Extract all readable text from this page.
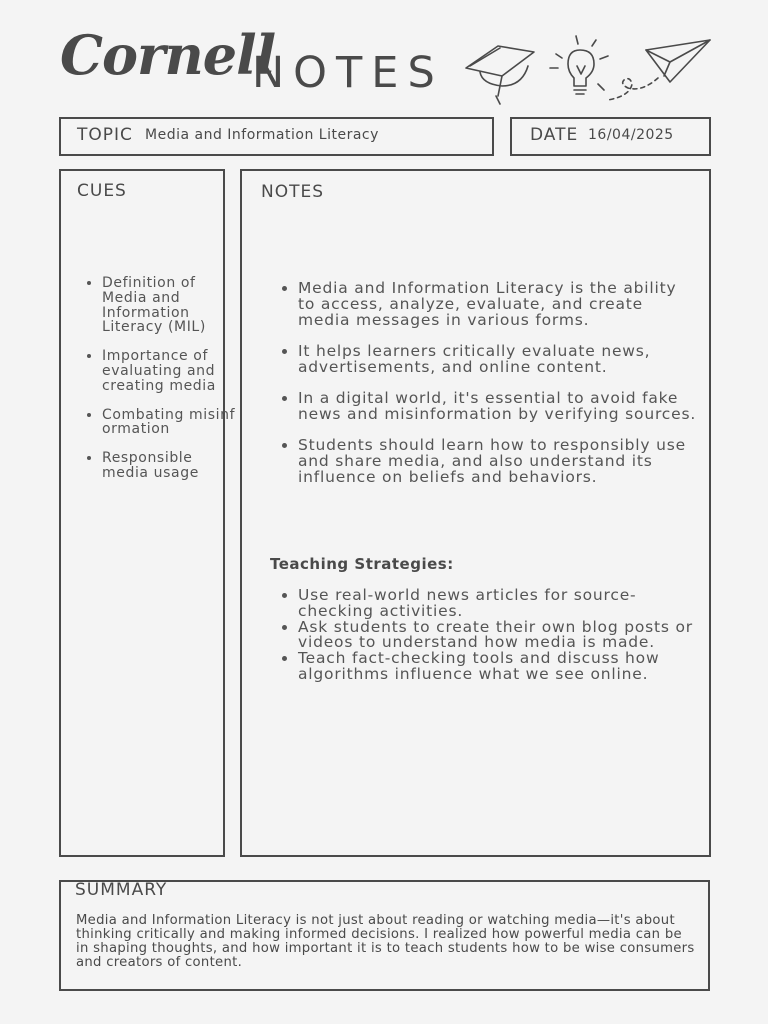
Cornell
NOTES
TOPIC Media and Information Literacy	DATE 16/04/2025
CUES
• Definition of Media and Information Literacy (MIL)
• Importance of evaluating and creating media
• Combating misinformation
• Responsible media usage
NOTES
• Media and Information Literacy is the ability to access, analyze, evaluate, and create media messages in various forms.
• It helps learners critically evaluate news, advertisements, and online content.
• In a digital world, it's essential to avoid fake news and misinformation by verifying sources.
• Students should learn how to responsibly use and share media, and also understand its influence on beliefs and behaviors.
Teaching Strategies:
• Use real-world news articles for source-checking activities.
• Ask students to create their own blog posts or videos to understand how media is made.
• Teach fact-checking tools and discuss how algorithms influence what we see online.
SUMMARY
Media and Information Literacy is not just about reading or watching media—it's about thinking critically and making informed decisions. I realized how powerful media can be in shaping thoughts, and how important it is to teach students how to be wise consumers and creators of content.
